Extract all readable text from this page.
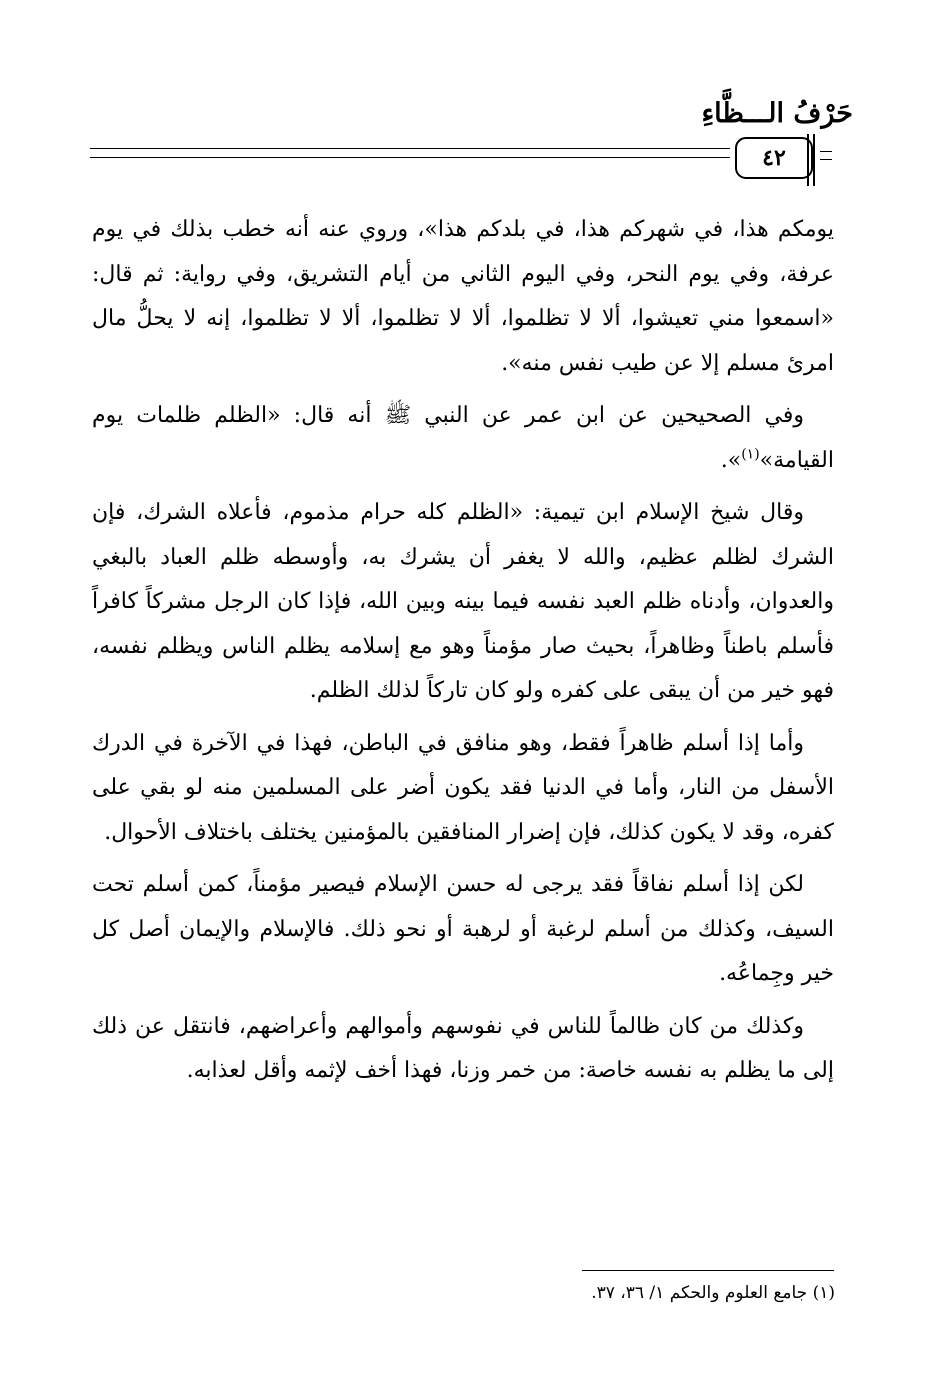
حَرْفُ الـــظَّاءِ
٤٢

يومكم هذا، في شهركم هذا، في بلدكم هذا»، وروي عنه أنه خطب بذلك في يوم عرفة، وفي يوم النحر، وفي اليوم الثاني من أيام التشريق، وفي رواية: ثم قال: «اسمعوا مني تعيشوا، ألا لا تظلموا، ألا لا تظلموا، ألا لا تظلموا، إنه لا يحلُّ مال امرئ مسلم إلا عن طيب نفس منه».

وفي الصحيحين عن ابن عمر عن النبي ﷺ أنه قال: «الظلم ظلمات يوم القيامة»$^{(١)}$».

وقال شيخ الإسلام ابن تيمية: «الظلم كله حرام مذموم، فأعلاه الشرك، فإن الشرك لظلم عظيم، والله لا يغفر أن يشرك به، وأوسطه ظلم العباد بالبغي والعدوان، وأدناه ظلم العبد نفسه فيما بينه وبين الله، فإذا كان الرجل مشركاً كافراً فأسلم باطناً وظاهراً، بحيث صار مؤمناً وهو مع إسلامه يظلم الناس ويظلم نفسه، فهو خير من أن يبقى على كفره ولو كان تاركاً لذلك الظلم.

وأما إذا أسلم ظاهراً فقط، وهو منافق في الباطن، فهذا في الآخرة في الدرك الأسفل من النار، وأما في الدنيا فقد يكون أضر على المسلمين منه لو بقي على كفره، وقد لا يكون كذلك، فإن إضرار المنافقين بالمؤمنين يختلف باختلاف الأحوال.

لكن إذا أسلم نفاقاً فقد يرجى له حسن الإسلام فيصير مؤمناً، كمن أسلم تحت السيف، وكذلك من أسلم لرغبة أو لرهبة أو نحو ذلك. فالإسلام والإيمان أصل كل خير وجِماعُه.

وكذلك من كان ظالماً للناس في نفوسهم وأموالهم وأعراضهم، فانتقل عن ذلك إلى ما يظلم به نفسه خاصة: من خمر وزنا، فهذا أخف لإثمه وأقل لعذابه.

(١) جامع العلوم والحكم ١/ ٣٦، ٣٧.
